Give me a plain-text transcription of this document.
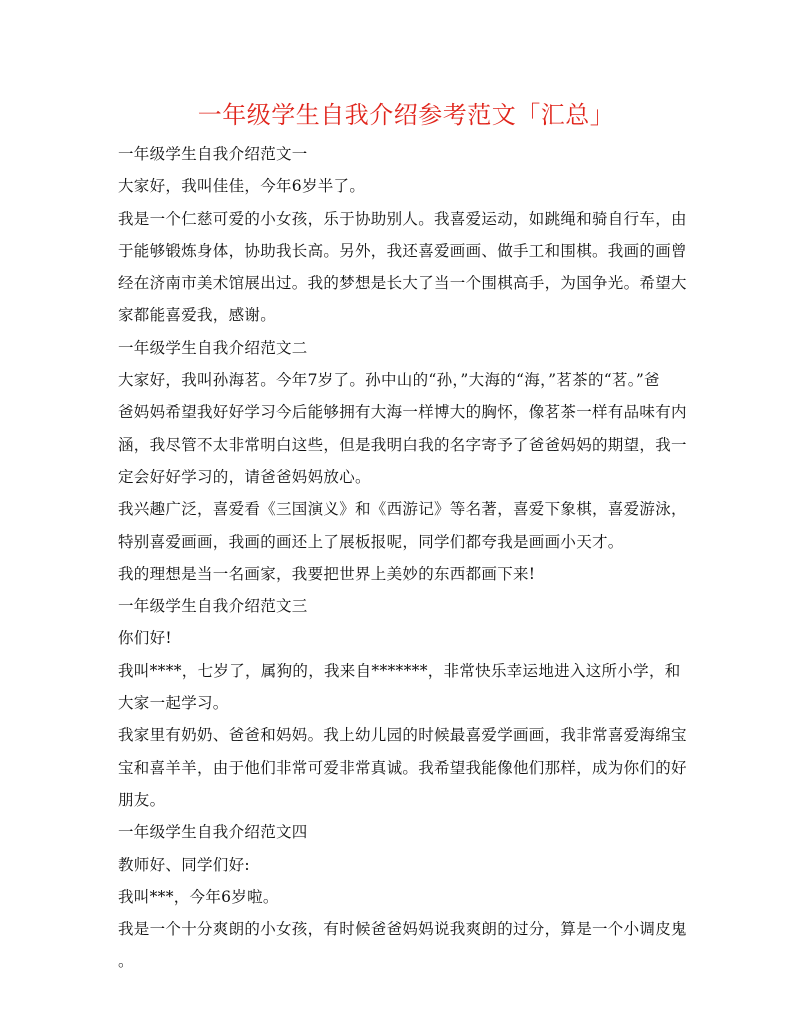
一年级学生自我介绍参考范文「汇总」
一年级学生自我介绍范文一
大家好，我叫佳佳，今年6岁半了。
我是一个仁慈可爱的小女孩，乐于协助别人。我喜爱运动，如跳绳和骑自行车，由
于能够锻炼身体，协助我长高。另外，我还喜爱画画、做手工和围棋。我画的画曾
经在济南市美术馆展出过。我的梦想是长大了当一个围棋高手，为国争光。希望大
家都能喜爱我，感谢。
一年级学生自我介绍范文二
大家好，我叫孙海茗。今年7岁了。孙中山的“孙，”大海的“海，”茗茶的“茗。”爸
爸妈妈希望我好好学习今后能够拥有大海一样博大的胸怀，像茗茶一样有品味有内
涵，我尽管不太非常明白这些，但是我明白我的名字寄予了爸爸妈妈的期望，我一
定会好好学习的，请爸爸妈妈放心。
我兴趣广泛，喜爱看《三国演义》和《西游记》等名著，喜爱下象棋，喜爱游泳，
特别喜爱画画，我画的画还上了展板报呢，同学们都夸我是画画小天才。
我的理想是当一名画家，我要把世界上美妙的东西都画下来!
一年级学生自我介绍范文三
你们好!
我叫****，七岁了，属狗的，我来自*******，非常快乐幸运地进入这所小学，和
大家一起学习。
我家里有奶奶、爸爸和妈妈。我上幼儿园的时候最喜爱学画画，我非常喜爱海绵宝
宝和喜羊羊，由于他们非常可爱非常真诚。我希望我能像他们那样，成为你们的好
朋友。
一年级学生自我介绍范文四
教师好、同学们好:
我叫***，今年6岁啦。
我是一个十分爽朗的小女孩，有时候爸爸妈妈说我爽朗的过分，算是一个小调皮鬼
。
